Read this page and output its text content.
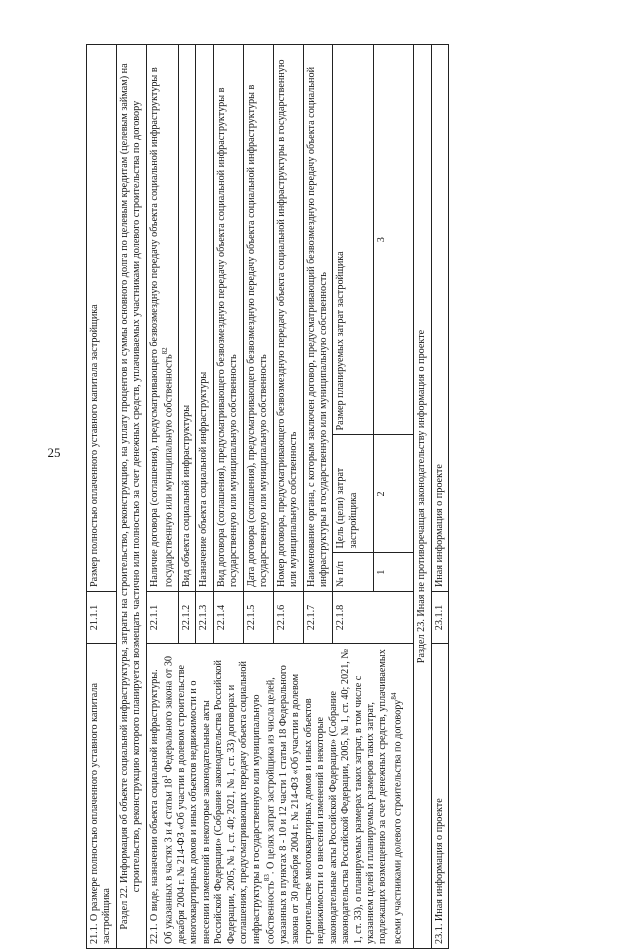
25
21.1. О размере полностью оплаченного уставного капитала застройщика	21.1.1	Размер полностью оплаченного уставного капитала застройщика
Раздел 22. Информация об объекте социальной инфраструктуры, затраты на строительство, реконструкцию, на уплату процентов и суммы основного долга по целевым кредитам (целевым займам) на строительство, реконструкцию которого планируется возмещать частично или полностью за счет денежных средств, уплачиваемых участниками долевого строительства по договору
22.1. О виде, назначении объекта социальной инфраструктуры. Об указанных в частях 3 и 4 статьи $18^1$ Федерального закона от 30 декабря 2004 г. № 214-ФЗ «Об участии в долевом строительстве многоквартирных домов и иных объектов недвижимости и о внесении изменений в некоторые законодательные акты Российской Федерации» (Собрание законодательства Российской Федерации, 2005, № 1, ст. 40; 2021, № 1, ст. 33) договорах и соглашениях, предусматривающих передачу объекта социальной инфраструктуры в государственную или муниципальную собственность$^{83}$. О целях затрат застройщика из числа целей, указанных в пунктах 8 - 10 и 12 части 1 статьи 18 Федерального закона от 30 декабря 2004 г. № 214-ФЗ «Об участии в долевом строительстве многоквартирных домов и иных объектов недвижимости и о внесении изменений в некоторые законодательные акты Российской Федерации» (Собрание законодательства Российской Федерации, 2005, № 1, ст. 40; 2021, № 1, ст. 33), о планируемых размерах таких затрат, в том числе с указанием целей и планируемых размеров таких затрат, подлежащих возмещению за счет денежных средств, уплачиваемых всеми участниками долевого строительства по договору$^{84}$	22.1.1	Наличие договора (соглашения), предусматривающего безвозмездную передачу объекта социальной инфраструктуры в государственную или муниципальную собственность$^{82}$
22.1.2	Вид объекта социальной инфраструктуры
22.1.3	Назначение объекта социальной инфраструктуры
22.1.4	Вид договора (соглашения), предусматривающего безвозмездную передачу объекта социальной инфраструктуры в государственную или муниципальную собственность
22.1.5	Дата договора (соглашения), предусматривающего безвозмездную передачу объекта социальной инфраструктуры в государственную или муниципальную собственность
22.1.6	Номер договора, предусматривающего безвозмездную передачу объекта социальной инфраструктуры в государственную или муниципальную собственность
22.1.7	Наименование органа, с которым заключен договор, предусматривающий безвозмездную передачу объекта социальной инфраструктуры в государственную или муниципальную собственность
22.1.8	
№ п/п	Цель (цели) затрат застройщика	Размер планируемых затрат застройщика
1	2	3

Раздел 23. Иная не противоречащая законодательству информация о проекте
23.1. Иная информация о проекте	23.1.1	Иная информация о проекте
